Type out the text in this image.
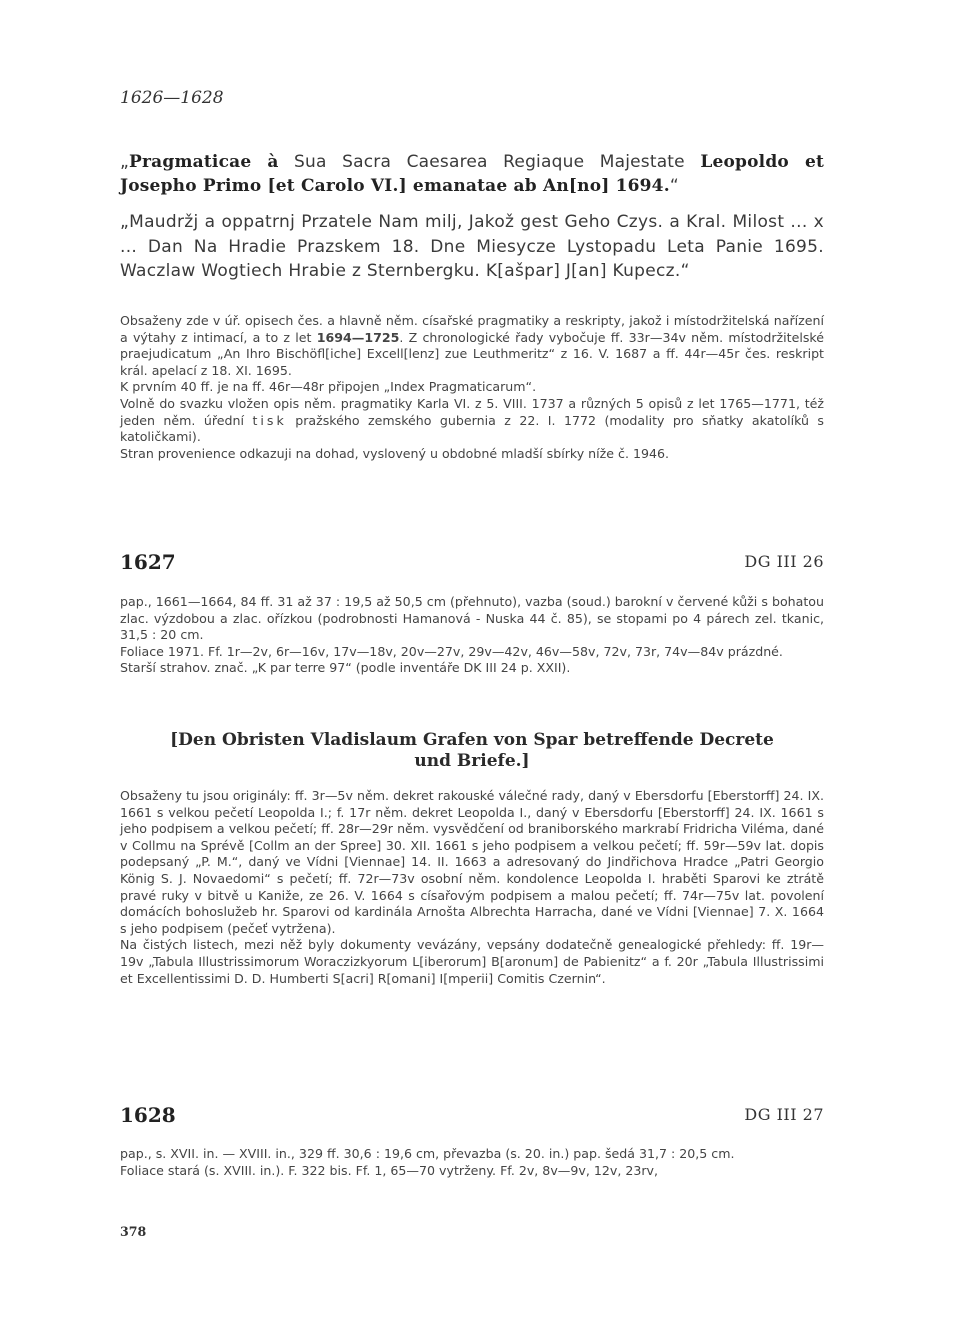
1626—1628
„Pragmaticae à Sua Sacra Caesarea Regiaque Majestate Leopoldo et Josepho Primo [et Carolo VI.] emanatae ab An[no] 1694.“
„Maudržj a oppatrnj Przatele Nam milj, Jakož gest Geho Czys. a Kral. Milost ... x ... Dan Na Hradie Prazskem 18. Dne Miesycze Lystopadu Leta Panie 1695. Waczlaw Wogtiech Hrabie z Sternbergku. K[ašpar] J[an] Kupecz.“

Obsaženy zde v úř. opisech čes. a hlavně něm. císařské pragmatiky a reskripty, jakož i místodržitelská nařízení a výtahy z intimací, a to z let 1694—1725. Z chronologické řady vybočuje ff. 33r—34v něm. místodržitelské praejudicatum „An Ihro Bischöfl[iche] Excell[lenz] zue Leuthmeritz“ z 16. V. 1687 a ff. 44r—45r čes. reskript král. apelací z 18. XI. 1695.

K prvním 40 ff. je na ff. 46r—48r připojen „Index Pragmaticarum“.

Volně do svazku vložen opis něm. pragmatiky Karla VI. z 5. VIII. 1737 a různých 5 opisů z let 1765—1771, též jeden něm. úřední tisk pražského zemského gubernia z 22. I. 1772 (modality pro sňatky akatolíků s katoličkami).

Stran provenience odkazuji na dohad, vyslovený u obdobné mladší sbírky níže č. 1946.

1627	DG III 26

pap., 1661—1664, 84 ff. 31 až 37 : 19,5 až 50,5 cm (přehnuto), vazba (soud.) barokní v červené kůži s bohatou zlac. výzdobou a zlac. ořízkou (podrobnosti Hamanová - Nuska 44 č. 85), se stopami po 4 párech zel. tkanic, 31,5 : 20 cm.

Foliace 1971. Ff. 1r—2v, 6r—16v, 17v—18v, 20v—27v, 29v—42v, 46v—58v, 72v, 73r, 74v—84v prázdné.

Starší strahov. znač. „K par terre 97“ (podle inventáře DK III 24 p. XXII).

[Den Obristen Vladislaum Grafen von Spar betreffende Decrete
und Briefe.]

Obsaženy tu jsou originály: ff. 3r—5v něm. dekret rakouské válečné rady, daný v Ebersdorfu [Eberstorff] 24. IX. 1661 s velkou pečetí Leopolda I.; f. 17r něm. dekret Leopolda I., daný v Ebersdorfu [Eberstorff] 24. IX. 1661 s jeho podpisem a velkou pečetí; ff. 28r—29r něm. vysvědčení od braniborského markrabí Fridricha Viléma, dané v Collmu na Sprévě [Collm an der Spree] 30. XII. 1661 s jeho podpisem a velkou pečetí; ff. 59r—59v lat. dopis podepsaný „P. M.“, daný ve Vídni [Viennae] 14. II. 1663 a adresovaný do Jindřichova Hradce „Patri Georgio König S. J. Novaedomi“ s pečetí; ff. 72r—73v osobní něm. kondolence Leopolda I. hraběti Sparovi ke ztrátě pravé ruky v bitvě u Kaniže, ze 26. V. 1664 s císařovým podpisem a malou pečetí; ff. 74r—75v lat. povolení domácích bohoslužeb hr. Sparovi od kardinála Arnošta Albrechta Harracha, dané ve Vídni [Viennae] 7. X. 1664 s jeho podpisem (pečeť vytržena).

Na čistých listech, mezi něž byly dokumenty vevázány, vepsány dodatečně genealogické přehledy: ff. 19r—19v „Tabula Illustrissimorum Woraczizkyorum L[iberorum] B[aronum] de Pabienitz“ a f. 20r „Tabula Illustrissimi et Excellentissimi D. D. Humberti S[acri] R[omani] I[mperii] Comitis Czernin“.

1628	DG III 27

pap., s. XVII. in. — XVIII. in., 329 ff. 30,6 : 19,6 cm, převazba (s. 20. in.) pap. šedá 31,7 : 20,5 cm.

Foliace stará (s. XVIII. in.). F. 322 bis. Ff. 1, 65—70 vytrženy. Ff. 2v, 8v—9v, 12v, 23rv,

378
